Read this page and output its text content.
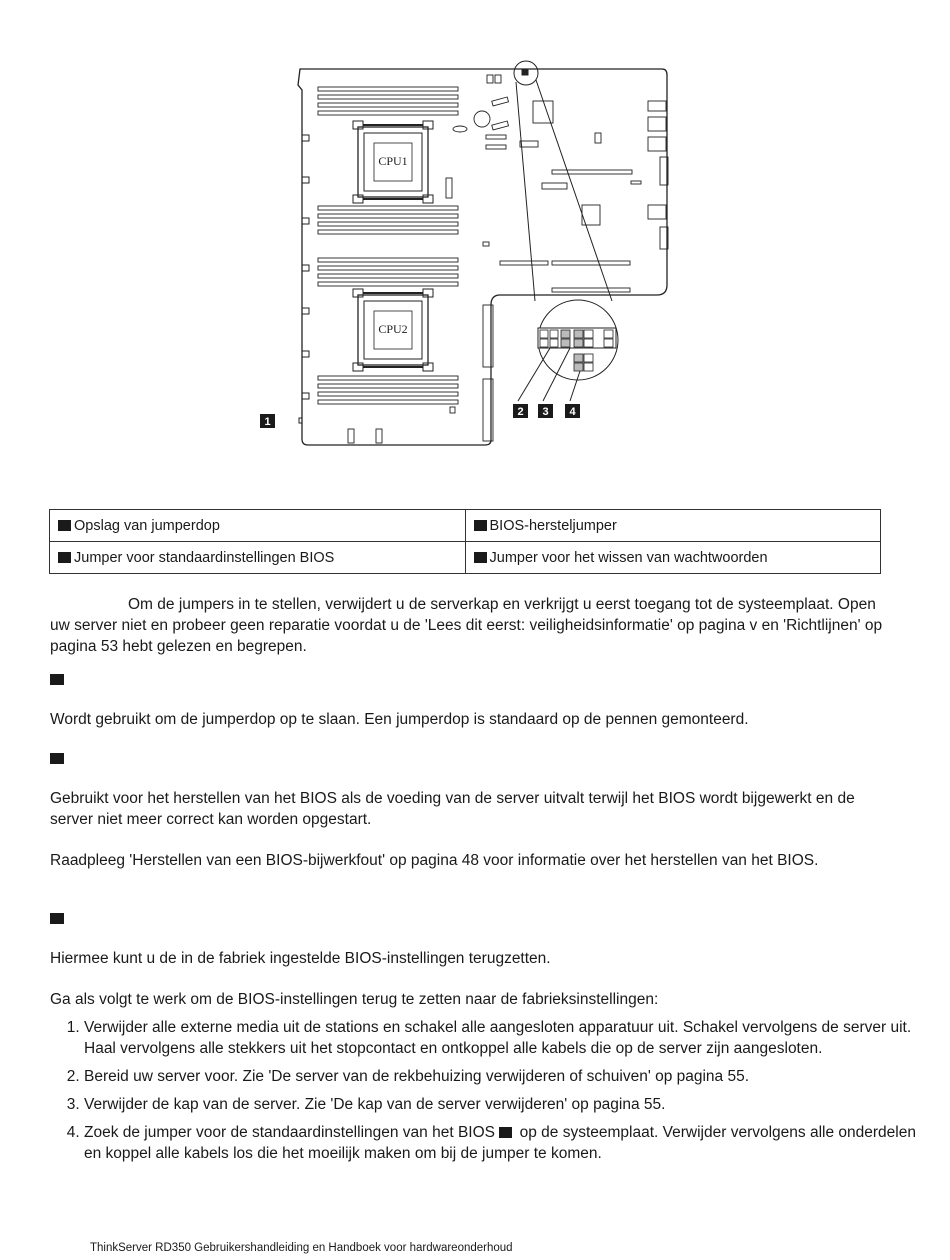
CPU1
CPU2
1
2 3 4
Opslag van jumperdop	BIOS-hersteljumper
Jumper voor standaardinstellingen BIOS	Jumper voor het wissen van wachtwoorden
Om de jumpers in te stellen, verwijdert u de serverkap en verkrijgt u eerst toegang tot de systeemplaat. Open uw server niet en probeer geen reparatie voordat u de 'Lees dit eerst: veiligheidsinformatie' op pagina v en 'Richtlijnen' op pagina 53 hebt gelezen en begrepen.
Wordt gebruikt om de jumperdop op te slaan. Een jumperdop is standaard op de pennen gemonteerd.
Gebruikt voor het herstellen van het BIOS als de voeding van de server uitvalt terwijl het BIOS wordt bijgewerkt en de server niet meer correct kan worden opgestart.
Raadpleeg 'Herstellen van een BIOS-bijwerkfout' op pagina 48 voor informatie over het herstellen van het BIOS.
Hiermee kunt u de in de fabriek ingestelde BIOS-instellingen terugzetten.
Ga als volgt te werk om de BIOS-instellingen terug te zetten naar de fabrieksinstellingen:
1. Verwijder alle externe media uit de stations en schakel alle aangesloten apparatuur uit. Schakel vervolgens de server uit. Haal vervolgens alle stekkers uit het stopcontact en ontkoppel alle kabels die op de server zijn aangesloten.
2. Bereid uw server voor. Zie 'De server van de rekbehuizing verwijderen of schuiven' op pagina 55.
3. Verwijder de kap van de server. Zie 'De kap van de server verwijderen' op pagina 55.
4. Zoek de jumper voor de standaardinstellingen van het BIOS op de systeemplaat. Verwijder vervolgens alle onderdelen en koppel alle kabels los die het moeilijk maken om bij de jumper te komen.
ThinkServer RD350 Gebruikershandleiding en Handboek voor hardwareonderhoud
